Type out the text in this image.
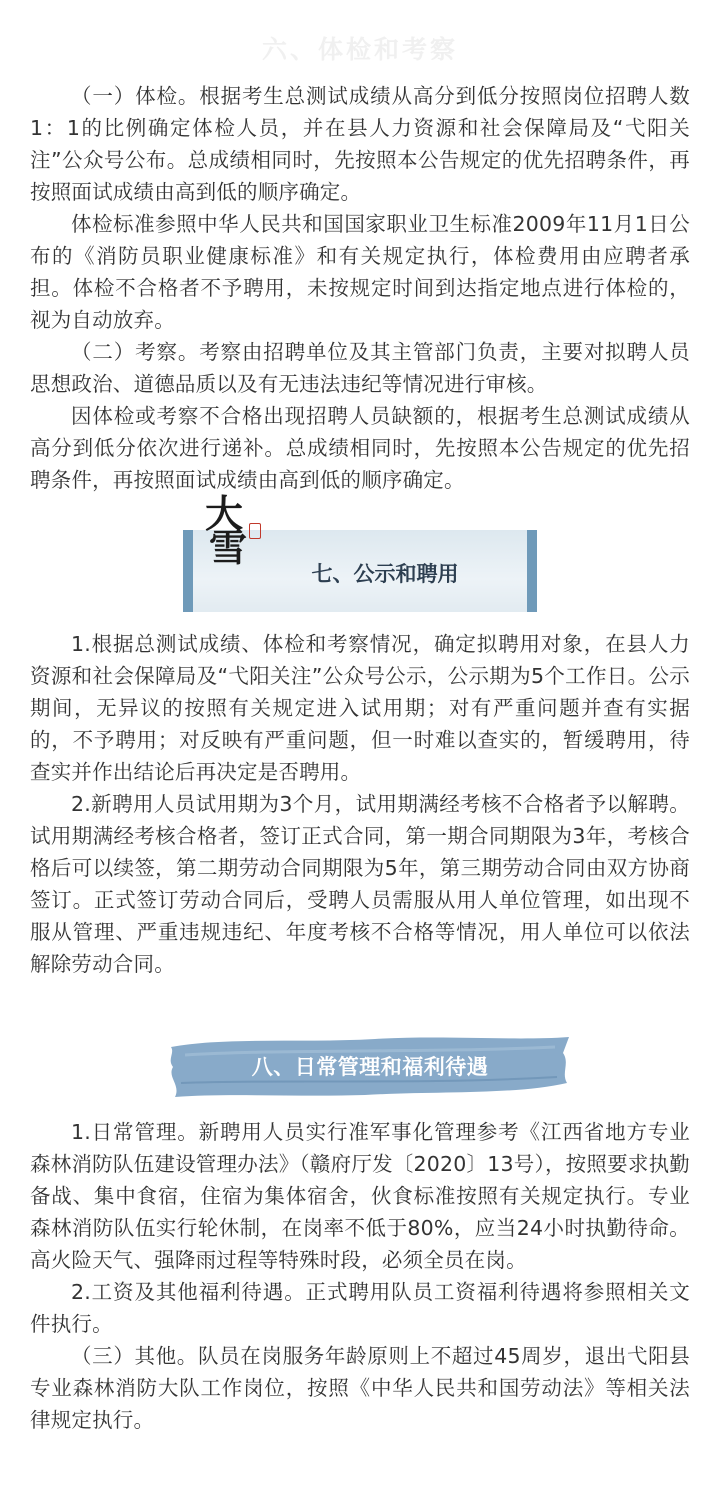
六、体检和考察

（一）体检。根据考生总测试成绩从高分到低分按照岗位招聘人数1：1的比例确定体检人员，并在县人力资源和社会保障局及“弋阳关注”公众号公布。总成绩相同时，先按照本公告规定的优先招聘条件，再按照面试成绩由高到低的顺序确定。

体检标准参照中华人民共和国国家职业卫生标准2009年11月1日公布的《消防员职业健康标准》和有关规定执行，体检费用由应聘者承担。体检不合格者不予聘用，未按规定时间到达指定地点进行体检的，视为自动放弃。

（二）考察。考察由招聘单位及其主管部门负责，主要对拟聘人员思想政治、道德品质以及有无违法违纪等情况进行审核。

因体检或考察不合格出现招聘人员缺额的，根据考生总测试成绩从高分到低分依次进行递补。总成绩相同时，先按照本公告规定的优先招聘条件，再按照面试成绩由高到低的顺序确定。

七、公示和聘用
大
雪

1.根据总测试成绩、体检和考察情况，确定拟聘用对象，在县人力资源和社会保障局及“弋阳关注”公众号公示，公示期为5个工作日。公示期间，无异议的按照有关规定进入试用期；对有严重问题并查有实据的，不予聘用；对反映有严重问题，但一时难以查实的，暂缓聘用，待查实并作出结论后再决定是否聘用。

2.新聘用人员试用期为3个月，试用期满经考核不合格者予以解聘。试用期满经考核合格者，签订正式合同，第一期合同期限为3年，考核合格后可以续签，第二期劳动合同期限为5年，第三期劳动合同由双方协商签订。正式签订劳动合同后，受聘人员需服从用人单位管理，如出现不服从管理、严重违规违纪、年度考核不合格等情况，用人单位可以依法解除劳动合同。

八、日常管理和福利待遇

1.日常管理。新聘用人员实行准军事化管理参考《江西省地方专业森林消防队伍建设管理办法》（赣府厅发〔2020〕13号），按照要求执勤备战、集中食宿，住宿为集体宿舍，伙食标准按照有关规定执行。专业森林消防队伍实行轮休制，在岗率不低于80%，应当24小时执勤待命。高火险天气、强降雨过程等特殊时段，必须全员在岗。

2.工资及其他福利待遇。正式聘用队员工资福利待遇将参照相关文件执行。

（三）其他。队员在岗服务年龄原则上不超过45周岁，退出弋阳县专业森林消防大队工作岗位，按照《中华人民共和国劳动法》等相关法律规定执行。
